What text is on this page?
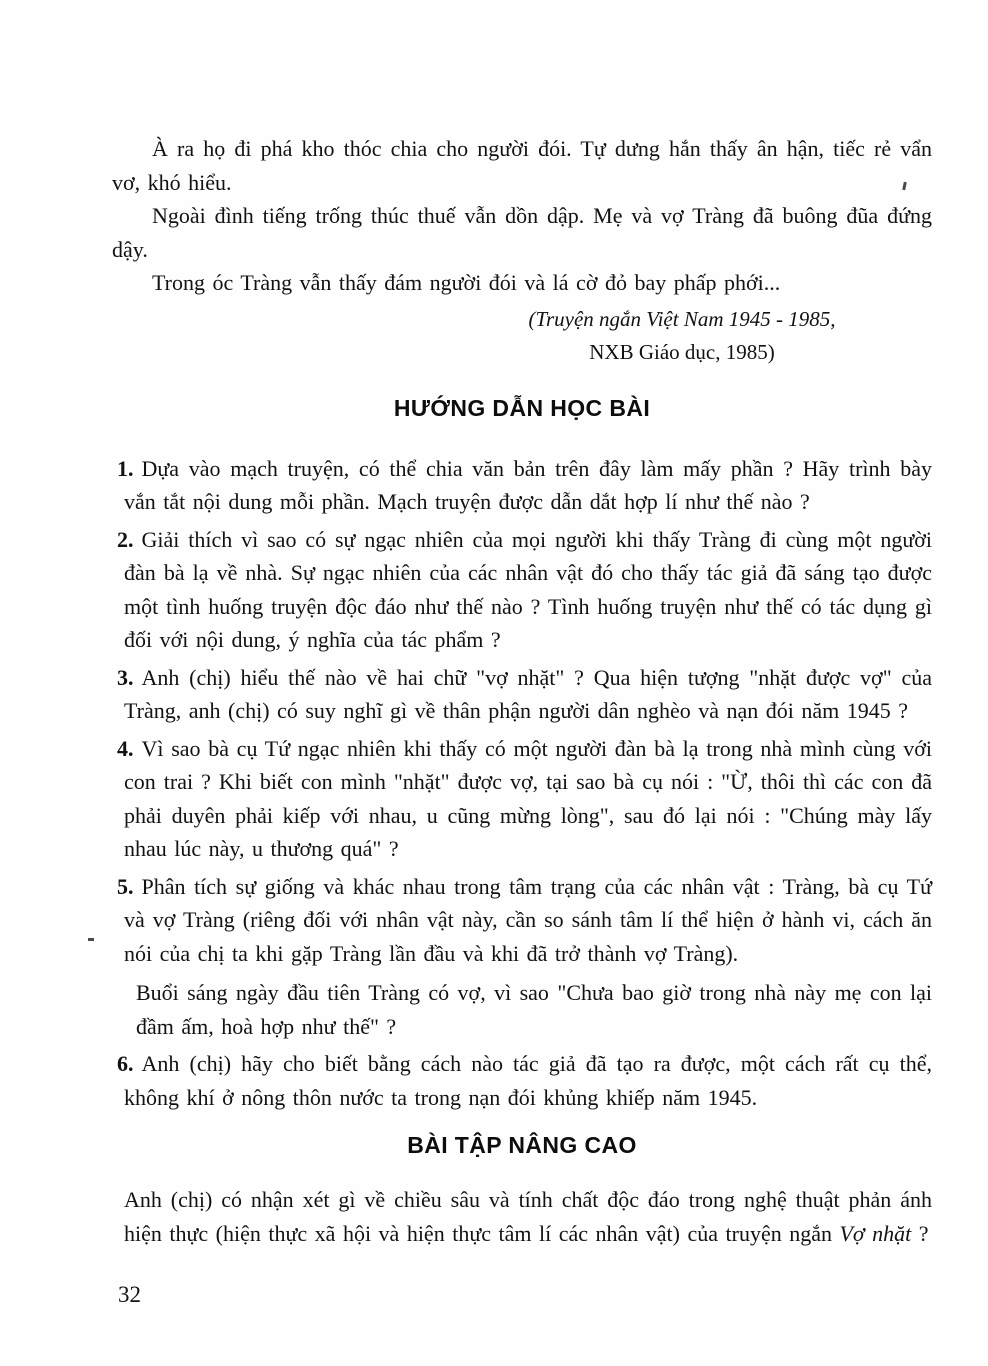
À ra họ đi phá kho thóc chia cho người đói. Tự dưng hắn thấy ân hận, tiếc rẻ vẩn vơ, khó hiểu.

Ngoài đình tiếng trống thúc thuế vẫn dồn dập. Mẹ và vợ Tràng đã buông đũa đứng dậy.

Trong óc Tràng vẫn thấy đám người đói và lá cờ đỏ bay phấp phới...

(Truyện ngắn Việt Nam 1945 - 1985,
NXB Giáo dục, 1985)
HƯỚNG DẪN HỌC BÀI
1. Dựa vào mạch truyện, có thể chia văn bản trên đây làm mấy phần ? Hãy trình bày vắn tắt nội dung mỗi phần. Mạch truyện được dẫn dắt hợp lí như thế nào ?
2. Giải thích vì sao có sự ngạc nhiên của mọi người khi thấy Tràng đi cùng một người đàn bà lạ về nhà. Sự ngạc nhiên của các nhân vật đó cho thấy tác giả đã sáng tạo được một tình huống truyện độc đáo như thế nào ? Tình huống truyện như thế có tác dụng gì đối với nội dung, ý nghĩa của tác phẩm ?
3. Anh (chị) hiểu thế nào về hai chữ "vợ nhặt" ? Qua hiện tượng "nhặt được vợ" của Tràng, anh (chị) có suy nghĩ gì về thân phận người dân nghèo và nạn đói năm 1945 ?
4. Vì sao bà cụ Tứ ngạc nhiên khi thấy có một người đàn bà lạ trong nhà mình cùng với con trai ? Khi biết con mình "nhặt" được vợ, tại sao bà cụ nói : "Ừ, thôi thì các con đã phải duyên phải kiếp với nhau, u cũng mừng lòng", sau đó lại nói : "Chúng mày lấy nhau lúc này, u thương quá" ?
5. Phân tích sự giống và khác nhau trong tâm trạng của các nhân vật : Tràng, bà cụ Tứ và vợ Tràng (riêng đối với nhân vật này, cần so sánh tâm lí thể hiện ở hành vi, cách ăn nói của chị ta khi gặp Tràng lần đầu và khi đã trở thành vợ Tràng).
Buổi sáng ngày đầu tiên Tràng có vợ, vì sao "Chưa bao giờ trong nhà này mẹ con lại đầm ấm, hoà hợp như thế" ?
6. Anh (chị) hãy cho biết bằng cách nào tác giả đã tạo ra được, một cách rất cụ thể, không khí ở nông thôn nước ta trong nạn đói khủng khiếp năm 1945.
BÀI TẬP NÂNG CAO

Anh (chị) có nhận xét gì về chiều sâu và tính chất độc đáo trong nghệ thuật phản ánh hiện thực (hiện thực xã hội và hiện thực tâm lí các nhân vật) của truyện ngắn Vợ nhặt ?

32
